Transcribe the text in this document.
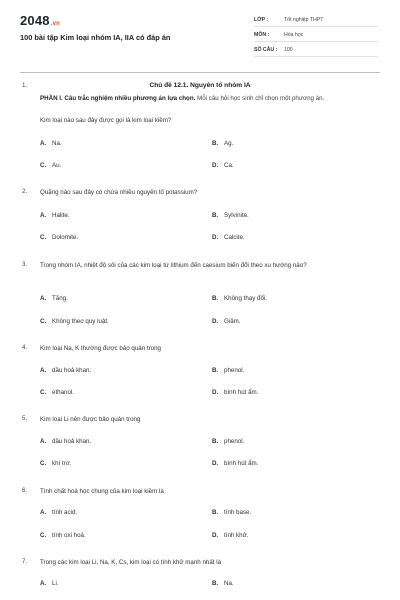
2048.vn
100 bài tập Kim loại nhóm IA, IIA có đáp án
LỚP :	Tốt nghiệp THPT
MÔN :	Hóa học
SỐ CÂU : 100
1.	Chủ đề 12.1. Nguyên tố nhóm IA
PHẦN I. Câu trắc nghiệm nhiều phương án lựa chọn. Mỗi câu hỏi học sinh chỉ chọn một phương án.
Kim loại nào sau đây được gọi là kim loại kiềm?
A. Na.	B. Ag.
C. Au.	D. Ca.
2. Quặng nào sau đây có chứa nhiều nguyên tố potassium?
A. Halite.	B. Sylvinite.
C. Dolomite.	D. Calcite.
3. Trong nhóm IA, nhiệt độ sôi của các kim loại từ lithium đến caesium biến đổi theo xu hướng nào?
A. Tăng.	B. Không thay đổi.
C. Không theo quy luật.	D. Giảm.
4. Kim loại Na, K thường được bảo quản trong
A. dầu hoả khan.	B. phenol.
C. ethanol.	D. bình hút ẩm.
5. Kim loại Li nên được bảo quản trong
A. dầu hoả khan.	B. phenol.
C. khí trơ.	D. bình hút ẩm.
6. Tính chất hoá học chung của kim loại kiềm là
A. tính acid.	B. tính base.
C. tính oxi hoá.	D. tính khử.
7. Trong các kim loại Li, Na, K, Cs, kim loại có tính khử mạnh nhất là
A. Li.	B. Na.
